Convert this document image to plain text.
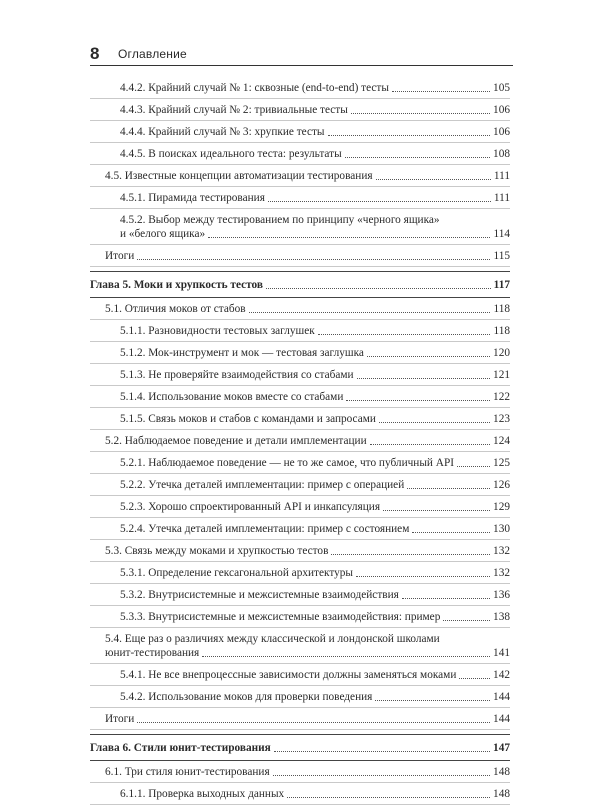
8 Оглавление
4.4.2. Крайний случай № 1: сквозные (end-to-end) тесты	105
4.4.3. Крайний случай № 2: тривиальные тесты	106
4.4.4. Крайний случай № 3: хрупкие тесты	106
4.4.5. В поисках идеального теста: результаты	108
4.5. Известные концепции автоматизации тестирования	111
4.5.1. Пирамида тестирования	111
4.5.2. Выбор между тестированием по принципу «черного ящика»
и «белого ящика»	114
Итоги	115
Глава 5. Моки и хрупкость тестов	117
5.1. Отличия моков от стабов	118
5.1.1. Разновидности тестовых заглушек	118
5.1.2. Мок-инструмент и мок — тестовая заглушка	120
5.1.3. Не проверяйте взаимодействия со стабами	121
5.1.4. Использование моков вместе со стабами	122
5.1.5. Связь моков и стабов с командами и запросами	123
5.2. Наблюдаемое поведение и детали имплементации	124
5.2.1. Наблюдаемое поведение — не то же самое, что публичный API	125
5.2.2. Утечка деталей имплементации: пример с операцией	126
5.2.3. Хорошо спроектированный API и инкапсуляция	129
5.2.4. Утечка деталей имплементации: пример с состоянием	130
5.3. Связь между моками и хрупкостью тестов	132
5.3.1. Определение гексагональной архитектуры	132
5.3.2. Внутрисистемные и межсистемные взаимодействия	136
5.3.3. Внутрисистемные и межсистемные взаимодействия: пример	138
5.4. Еще раз о различиях между классической и лондонской школами
юнит-тестирования	141
5.4.1. Не все внепроцессные зависимости должны заменяться моками	142
5.4.2. Использование моков для проверки поведения	144
Итоги	144
Глава 6. Стили юнит-тестирования	147
6.1. Три стиля юнит-тестирования	148
6.1.1. Проверка выходных данных	148
